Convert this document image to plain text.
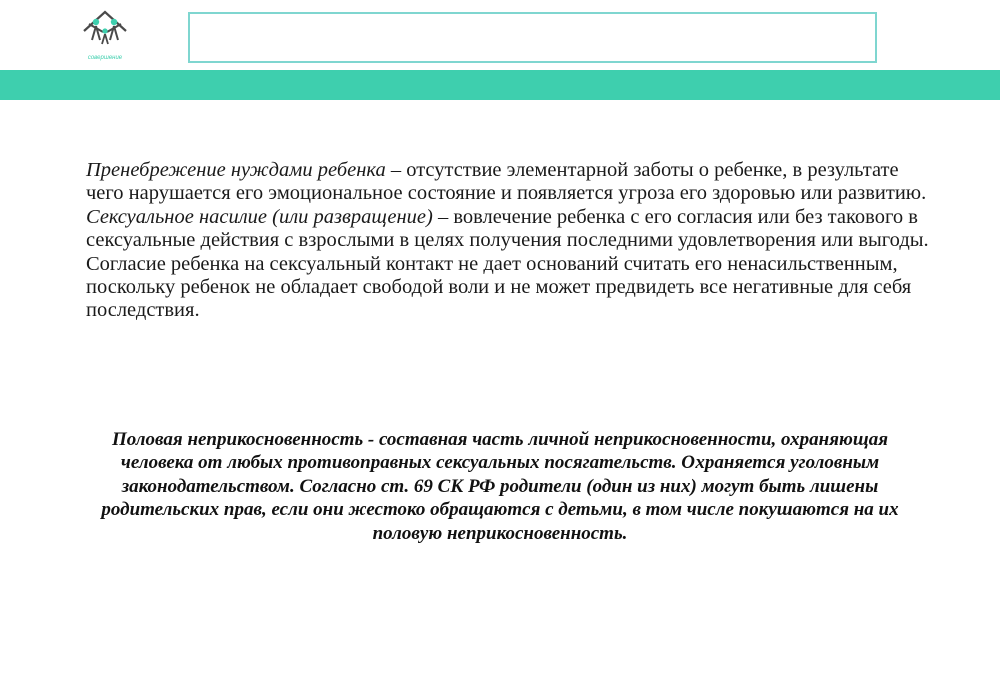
совершение

Пренебрежение нуждами ребенка – отсутствие элементарной заботы о ребенке, в результате чего нарушается его эмоциональное состояние и появляется угроза его здоровью или развитию.

Сексуальное насилие (или развращение) – вовлечение ребенка с его согласия или без такового в сексуальные действия с взрослыми в целях получения последними удовлетворения или выгоды. Согласие ребенка на сексуальный контакт не дает оснований считать его ненасильственным, поскольку ребенок не обладает свободой воли и не может предвидеть все негативные для себя последствия.

Половая неприкосновенность - составная часть личной неприкосновенности, охраняющая человека от любых противоправных сексуальных посягательств. Охраняется уголовным законодательством. Согласно ст. 69 СК РФ родители (один из них) могут быть лишены родительских прав, если они жестоко обращаются с детьми, в том числе покушаются на их половую неприкосновенность.
